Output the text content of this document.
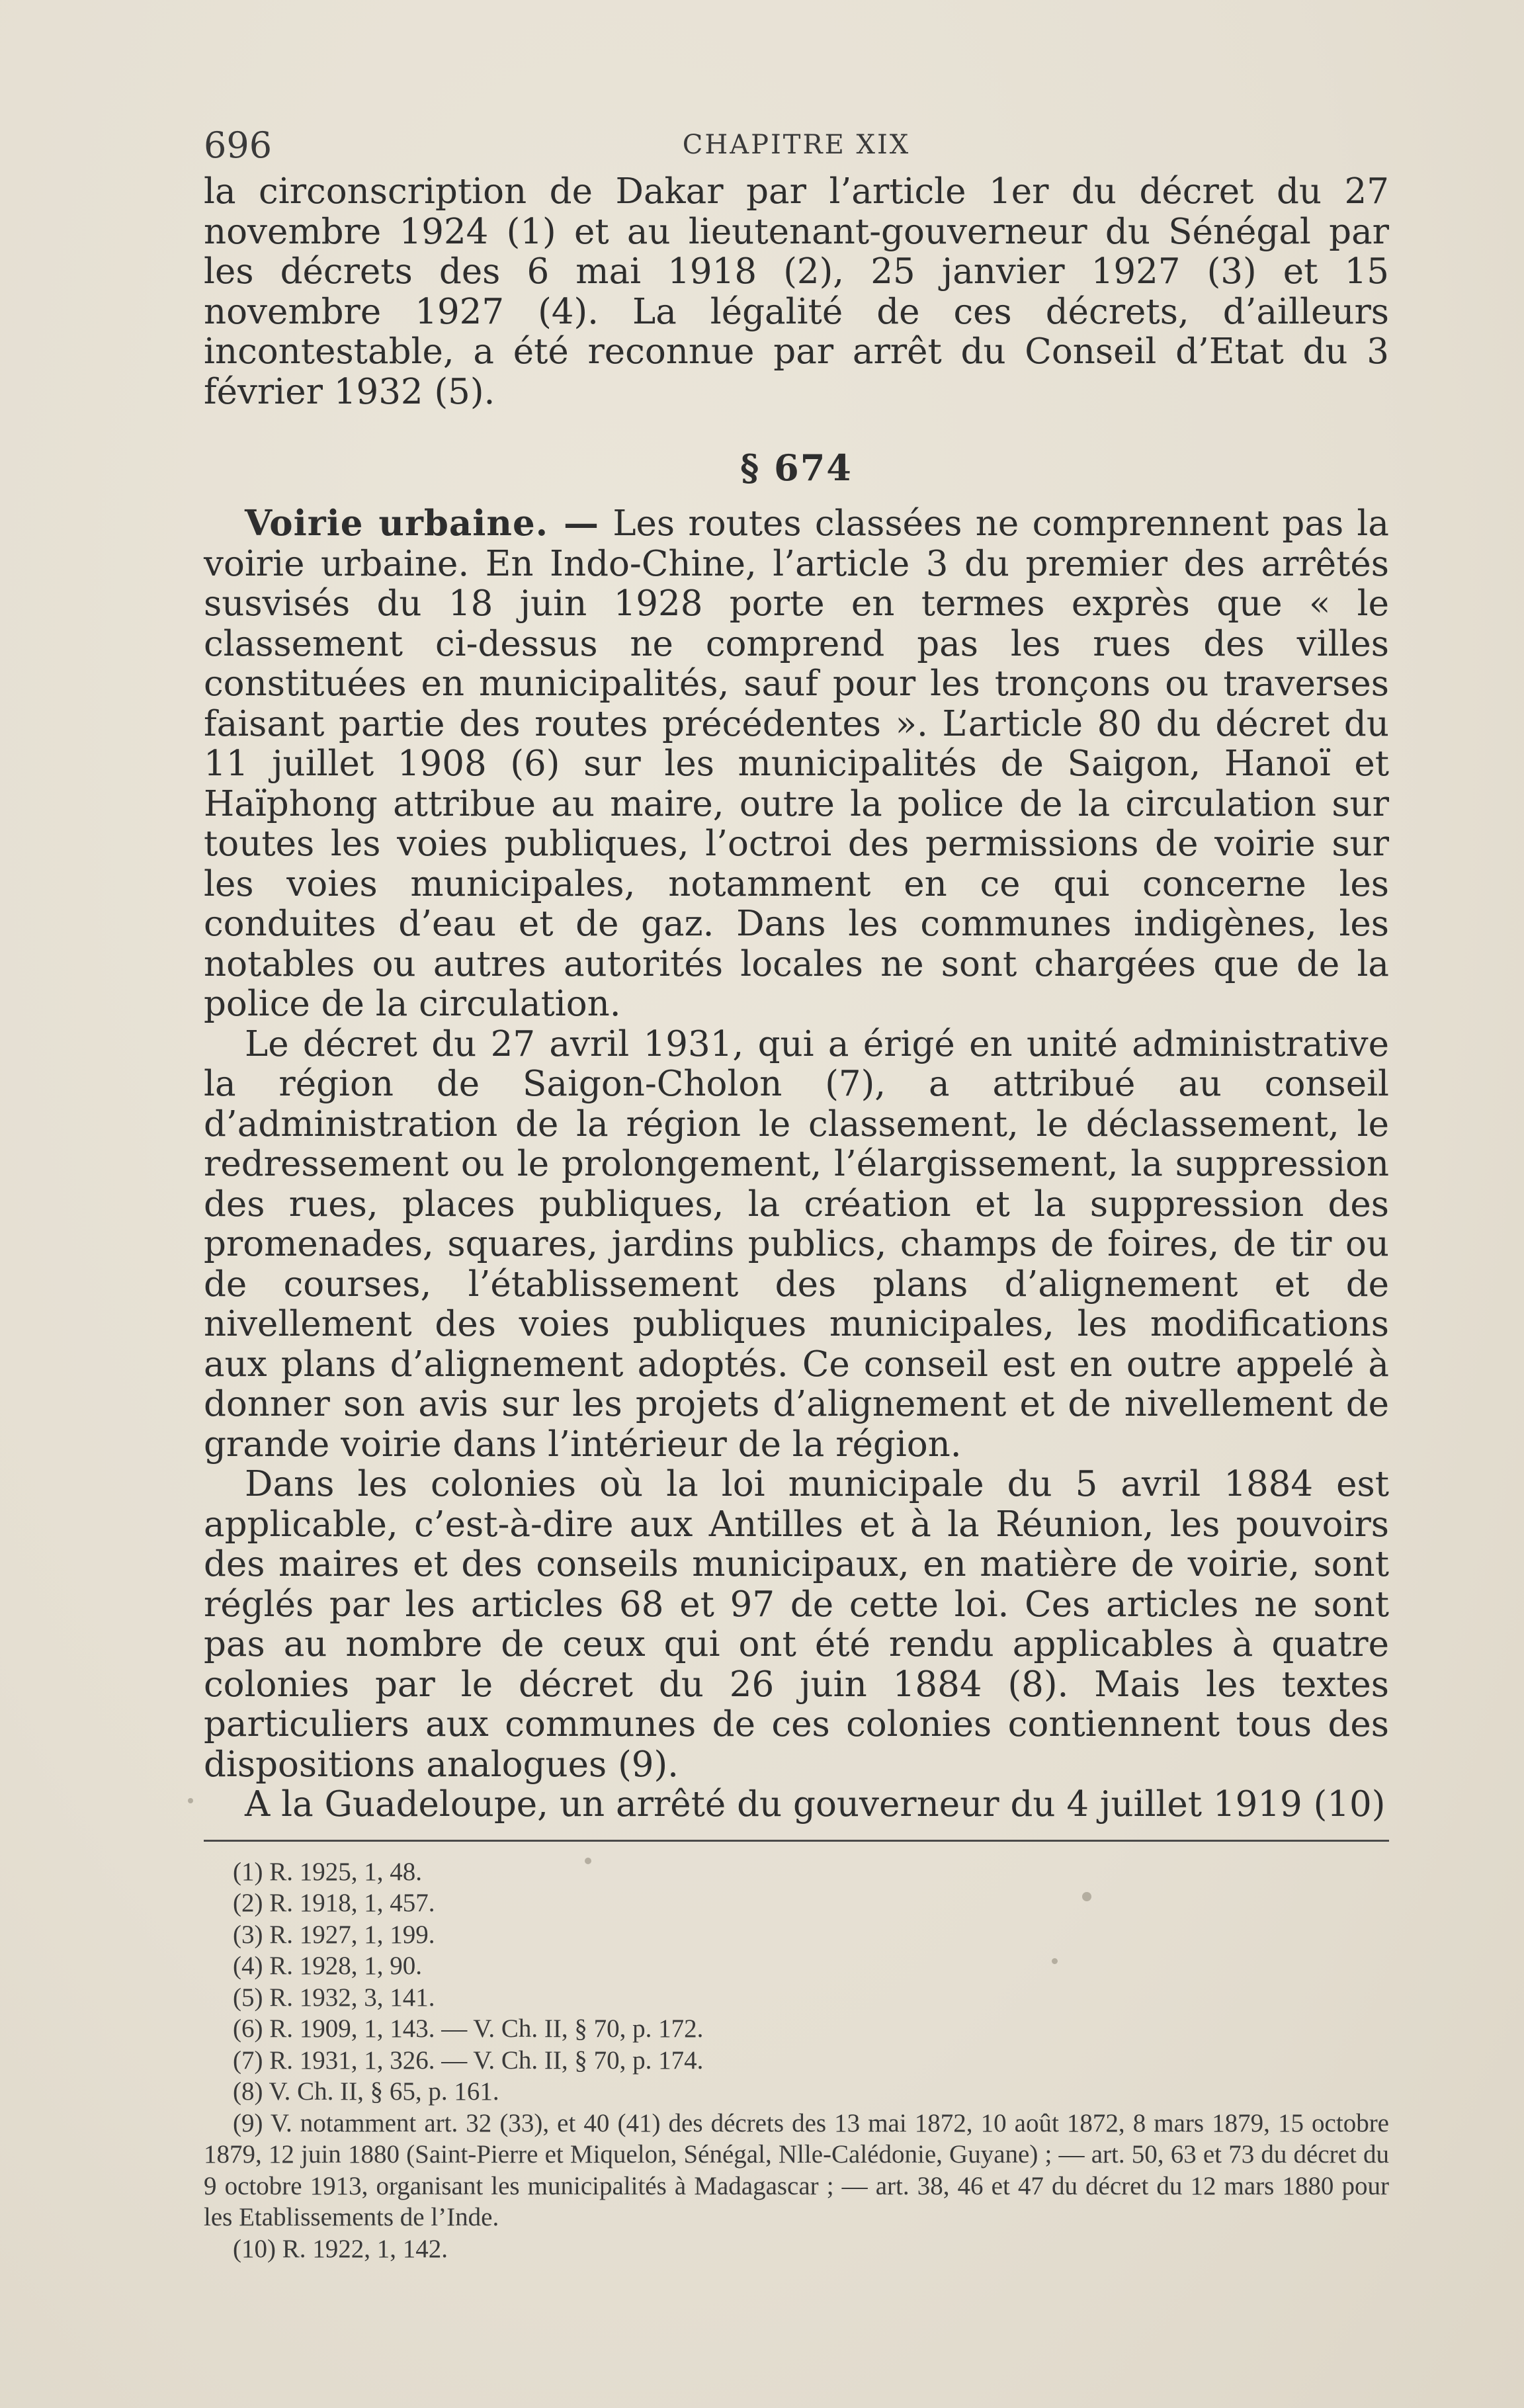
696	CHAPITRE XIX

la circonscription de Dakar par l’article 1er du décret du 27 novembre 1924 (1) et au lieutenant-gouverneur du Sénégal par les décrets des 6 mai 1918 (2), 25 janvier 1927 (3) et 15 novembre 1927 (4). La légalité de ces décrets, d’ailleurs incontestable, a été reconnue par arrêt du Conseil d’Etat du 3 février 1932 (5).

§ 674

Voirie urbaine. — Les routes classées ne comprennent pas la voirie urbaine. En Indo-Chine, l’article 3 du premier des arrêtés susvisés du 18 juin 1928 porte en termes exprès que « le classement ci-dessus ne comprend pas les rues des villes constituées en municipalités, sauf pour les tronçons ou traverses faisant partie des routes précédentes ». L’article 80 du décret du 11 juillet 1908 (6) sur les municipalités de Saigon, Hanoï et Haïphong attribue au maire, outre la police de la circulation sur toutes les voies publiques, l’octroi des permissions de voirie sur les voies municipales, notamment en ce qui concerne les conduites d’eau et de gaz. Dans les communes indigènes, les notables ou autres autorités locales ne sont chargées que de la police de la circulation.

Le décret du 27 avril 1931, qui a érigé en unité administrative la région de Saigon-Cholon (7), a attribué au conseil d’administration de la région le classement, le déclassement, le redressement ou le prolongement, l’élargissement, la suppression des rues, places publiques, la création et la suppression des promenades, squares, jardins publics, champs de foires, de tir ou de courses, l’établissement des plans d’alignement et de nivellement des voies publiques municipales, les modifications aux plans d’alignement adoptés. Ce conseil est en outre appelé à donner son avis sur les projets d’alignement et de nivellement de grande voirie dans l’intérieur de la région.

Dans les colonies où la loi municipale du 5 avril 1884 est applicable, c’est-à-dire aux Antilles et à la Réunion, les pouvoirs des maires et des conseils municipaux, en matière de voirie, sont réglés par les articles 68 et 97 de cette loi. Ces articles ne sont pas au nombre de ceux qui ont été rendu applicables à quatre colonies par le décret du 26 juin 1884 (8). Mais les textes particuliers aux communes de ces colonies contiennent tous des dispositions analogues (9).

A la Guadeloupe, un arrêté du gouverneur du 4 juillet 1919 (10)

(1) R. 1925, 1, 48.
(2) R. 1918, 1, 457.
(3) R. 1927, 1, 199.
(4) R. 1928, 1, 90.
(5) R. 1932, 3, 141.
(6) R. 1909, 1, 143. — V. Ch. II, § 70, p. 172.
(7) R. 1931, 1, 326. — V. Ch. II, § 70, p. 174.
(8) V. Ch. II, § 65, p. 161.
(9) V. notamment art. 32 (33), et 40 (41) des décrets des 13 mai 1872, 10 août 1872, 8 mars 1879, 15 octobre 1879, 12 juin 1880 (Saint-Pierre et Miquelon, Sénégal, Nlle-Calédonie, Guyane) ; — art. 50, 63 et 73 du décret du 9 octobre 1913, organisant les municipalités à Madagascar ; — art. 38, 46 et 47 du décret du 12 mars 1880 pour les Etablissements de l’Inde.
(10) R. 1922, 1, 142.
